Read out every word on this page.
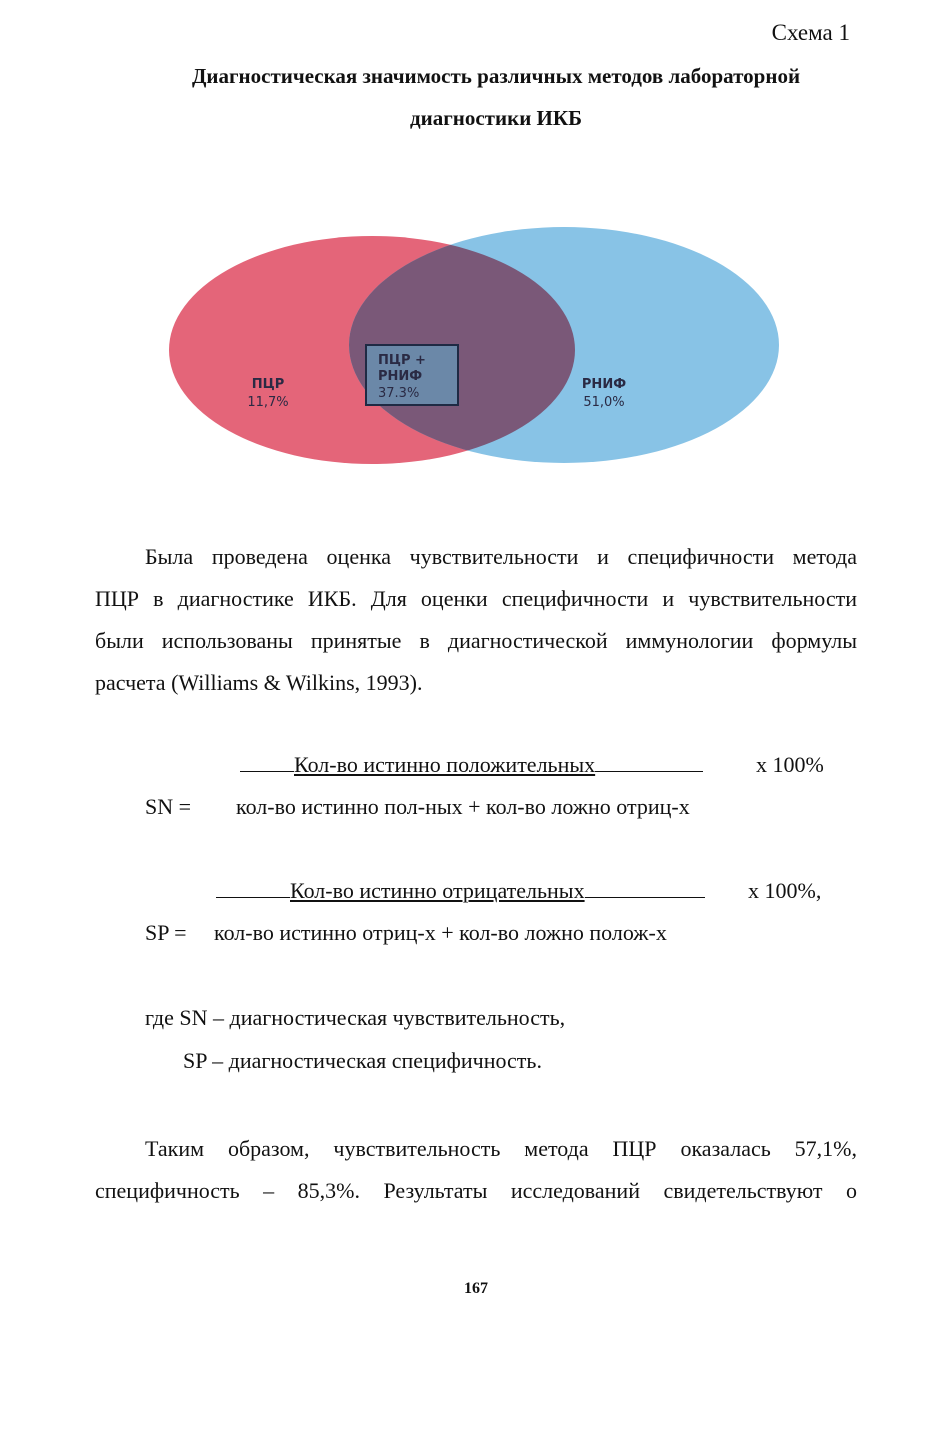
Схема 1
Диагностическая значимость различных методов лабораторной
диагностики ИКБ
ПЦР
11,7%
ПЦР +
РНИФ
37.3%
РНИФ
51,0%
Была проведена оценка чувствительности и специфичности метода
ПЦР в диагностике ИКБ. Для оценки специфичности и чувствительности
были использованы принятые в диагностической иммунологии формулы
расчета (Williams & Wilkins, 1993).
Кол-во истинно положительных	х 100%
SN = кол-во истинно пол-ных + кол-во ложно отриц-х
Кол-во истинно отрицательных	х 100%,
SP = кол-во истинно отриц-х + кол-во ложно полож-х
где SN – диагностическая чувствительность,
SP – диагностическая специфичность.
Таким образом, чувствительность метода ПЦР оказалась 57,1%,
специфичность – 85,3%. Результаты исследований свидетельствуют о
167
